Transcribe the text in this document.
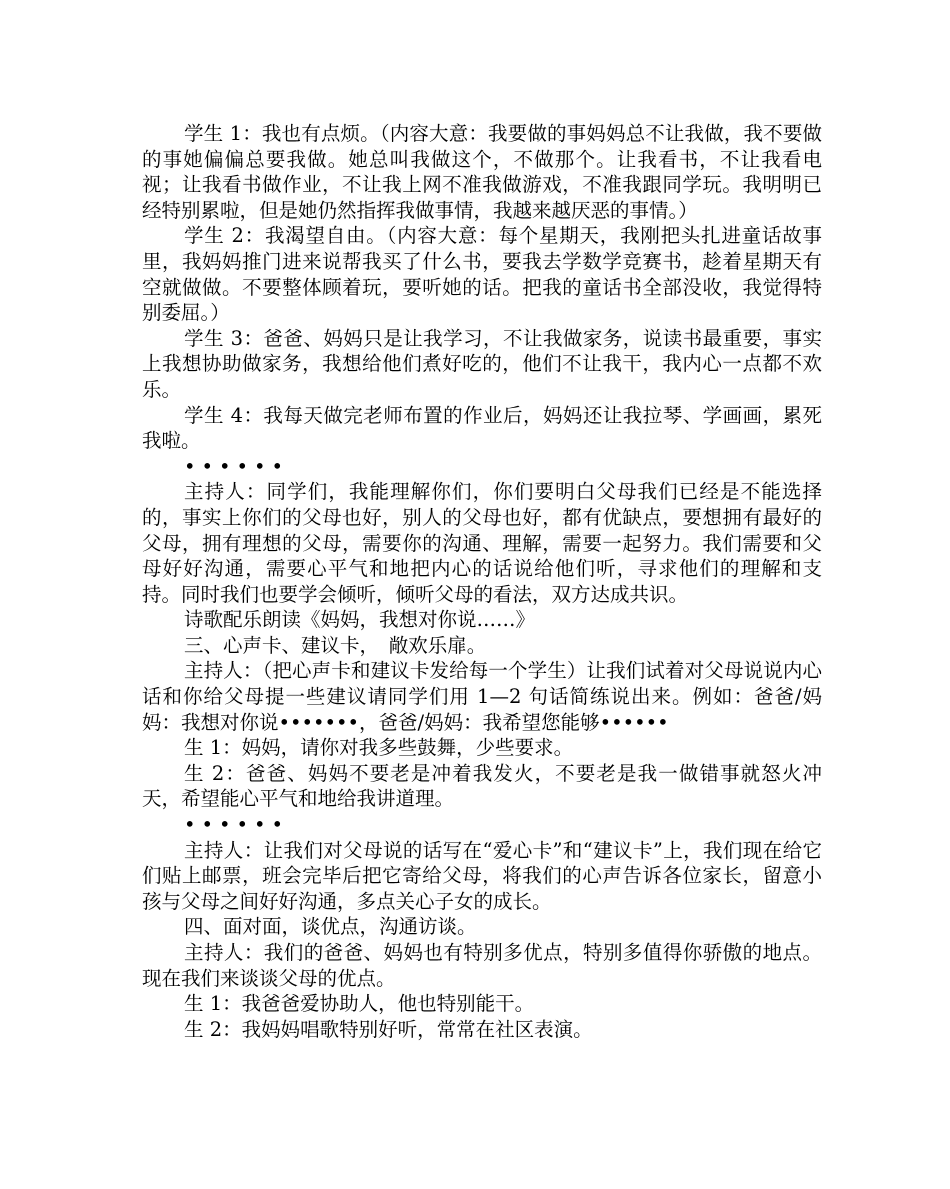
学生 1：我也有点烦。（内容大意：我要做的事妈妈总不让我做，我不要做的事她偏偏总要我做。她总叫我做这个，不做那个。让我看书，不让我看电视；让我看书做作业，不让我上网不准我做游戏，不准我跟同学玩。我明明已经特别累啦，但是她仍然指挥我做事情，我越来越厌恶的事情。）

学生 2：我渴望自由。（内容大意：每个星期天，我刚把头扎进童话故事里，我妈妈推门进来说帮我买了什么书，要我去学数学竞赛书，趁着星期天有空就做做。不要整体顾着玩，要听她的话。把我的童话书全部没收，我觉得特别委屈。）

学生 3：爸爸、妈妈只是让我学习，不让我做家务，说读书最重要，事实上我想协助做家务，我想给他们煮好吃的，他们不让我干，我内心一点都不欢乐。

学生 4：我每天做完老师布置的作业后，妈妈还让我拉琴、学画画，累死我啦。

••••••

主持人：同学们，我能理解你们，你们要明白父母我们已经是不能选择的，事实上你们的父母也好，别人的父母也好，都有优缺点，要想拥有最好的父母，拥有理想的父母，需要你的沟通、理解，需要一起努力。我们需要和父母好好沟通，需要心平气和地把内心的话说给他们听，寻求他们的理解和支持。同时我们也要学会倾听，倾听父母的看法，双方达成共识。

诗歌配乐朗读《妈妈，我想对你说……》

三、心声卡、建议卡，　敞欢乐扉。

主持人：（把心声卡和建议卡发给每一个学生）让我们试着对父母说说内心话和你给父母提一些建议请同学们用 1—2 句话简练说出来。例如：爸爸/妈妈：我想对你说•••••••，爸爸/妈妈：我希望您能够••••••

生 1：妈妈，请你对我多些鼓舞，少些要求。

生 2：爸爸、妈妈不要老是冲着我发火，不要老是我一做错事就怒火冲天，希望能心平气和地给我讲道理。

••••••

主持人：让我们对父母说的话写在“爱心卡”和“建议卡”上，我们现在给它们贴上邮票，班会完毕后把它寄给父母，将我们的心声告诉各位家长，留意小孩与父母之间好好沟通，多点关心子女的成长。

四、面对面，谈优点，沟通访谈。

主持人：我们的爸爸、妈妈也有特别多优点，特别多值得你骄傲的地点。现在我们来谈谈父母的优点。

生 1：我爸爸爱协助人，他也特别能干。

生 2：我妈妈唱歌特别好听，常常在社区表演。
